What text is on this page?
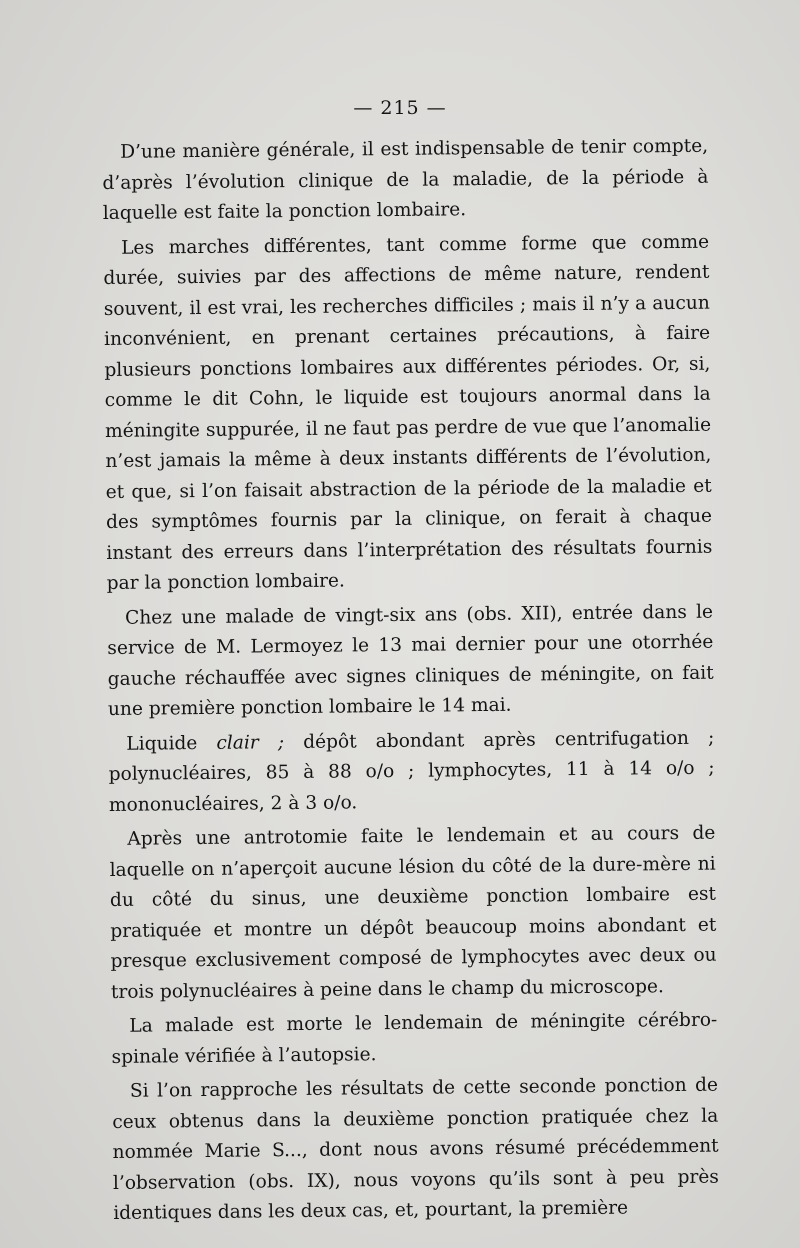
— 215 —

D’une manière générale, il est indispensable de tenir compte, d’après l’évolution clinique de la maladie, de la période à laquelle est faite la ponction lombaire.

Les marches différentes, tant comme forme que comme durée, suivies par des affections de même nature, rendent souvent, il est vrai, les recherches difficiles ; mais il n’y a aucun inconvénient, en prenant certaines précautions, à faire plusieurs ponctions lombaires aux différentes périodes. Or, si, comme le dit Cohn, le liquide est toujours anormal dans la méningite suppurée, il ne faut pas perdre de vue que l’anomalie n’est jamais la même à deux instants différents de l’évolution, et que, si l’on faisait abstraction de la période de la maladie et des symptômes fournis par la clinique, on ferait à chaque instant des erreurs dans l’interprétation des résultats fournis par la ponction lombaire.

Chez une malade de vingt-six ans (obs. XII), entrée dans le service de M. Lermoyez le 13 mai dernier pour une otorrhée gauche réchauffée avec signes cliniques de méningite, on fait une première ponction lombaire le 14 mai.

Liquide clair ; dépôt abondant après centrifugation ; polynucléaires, 85 à 88 o/o ; lymphocytes, 11 à 14 o/o ; mononucléaires, 2 à 3 o/o.

Après une antrotomie faite le lendemain et au cours de laquelle on n’aperçoit aucune lésion du côté de la dure-mère ni du côté du sinus, une deuxième ponction lombaire est pratiquée et montre un dépôt beaucoup moins abondant et presque exclusivement composé de lymphocytes avec deux ou trois polynucléaires à peine dans le champ du microscope.

La malade est morte le lendemain de méningite cérébro-spinale vérifiée à l’autopsie.

Si l’on rapproche les résultats de cette seconde ponction de ceux obtenus dans la deuxième ponction pratiquée chez la nommée Marie S..., dont nous avons résumé précédemment l’observation (obs. IX), nous voyons qu’ils sont à peu près identiques dans les deux cas, et, pourtant, la première
